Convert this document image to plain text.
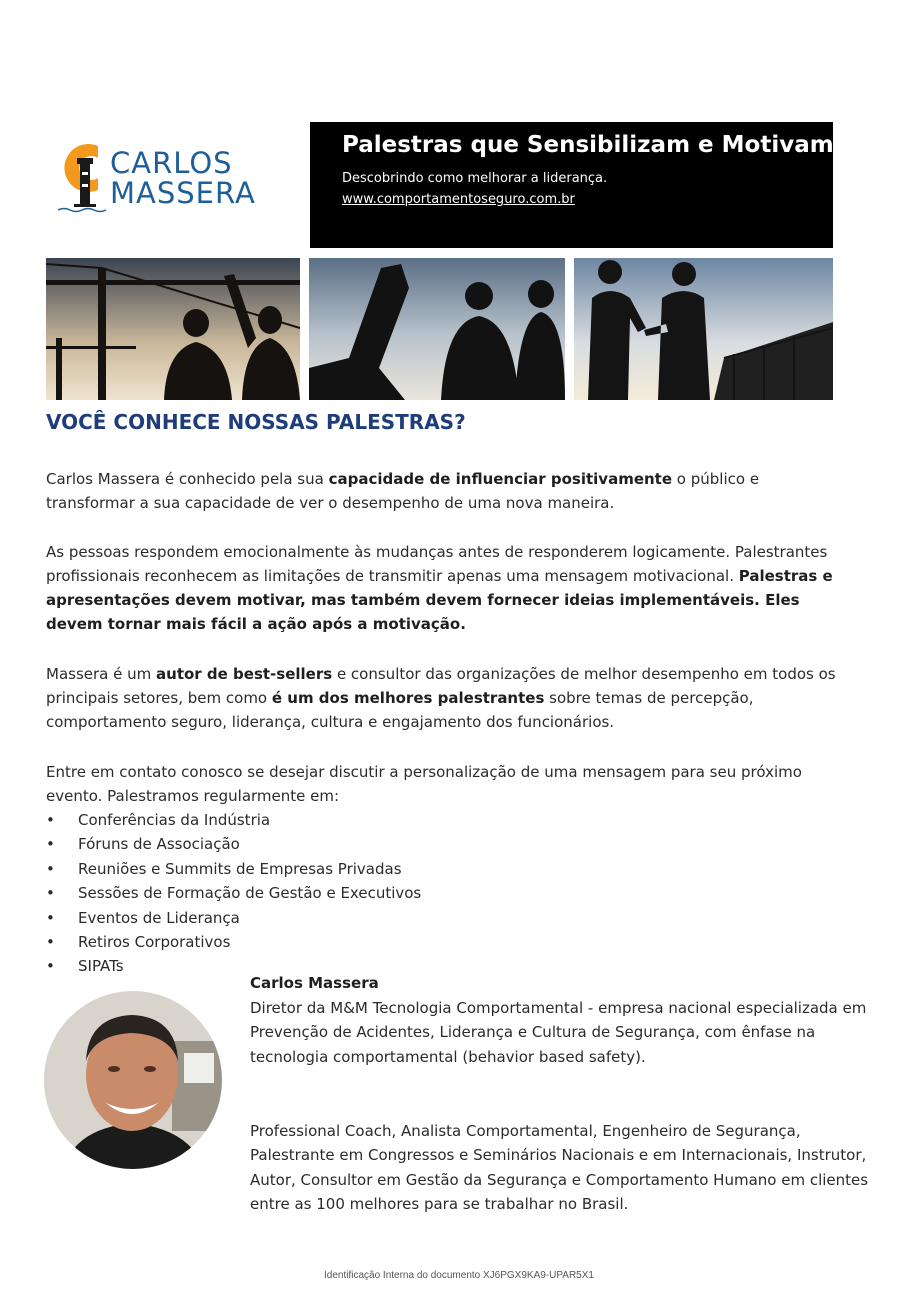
CARLOS
MASSERA
Palestras que Sensibilizam e Motivam
Descobrindo como melhorar a liderança.
www.comportamentoseguro.com.br
VOCÊ CONHECE NOSSAS PALESTRAS?
Carlos Massera é conhecido pela sua capacidade de influenciar positivamente o público e transformar a sua capacidade de ver o desempenho de uma nova maneira.
As pessoas respondem emocionalmente às mudanças antes de responderem logicamente. Palestrantes profissionais reconhecem as limitações de transmitir apenas uma mensagem motivacional. Palestras e apresentações devem motivar, mas também devem fornecer ideias implementáveis. Eles devem tornar mais fácil a ação após a motivação.
Massera é um autor de best-sellers e consultor das organizações de melhor desempenho em todos os principais setores, bem como é um dos melhores palestrantes sobre temas de percepção, comportamento seguro, liderança, cultura e engajamento dos funcionários.
Entre em contato conosco se desejar discutir a personalização de uma mensagem para seu próximo evento. Palestramos regularmente em:
• Conferências da Indústria
• Fóruns de Associação
• Reuniões e Summits de Empresas Privadas
• Sessões de Formação de Gestão e Executivos
• Eventos de Liderança
• Retiros Corporativos
• SIPATs
Carlos Massera
Diretor da M&M Tecnologia Comportamental - empresa nacional especializada em Prevenção de Acidentes, Liderança e Cultura de Segurança, com ênfase na tecnologia comportamental (behavior based safety).
Professional Coach, Analista Comportamental, Engenheiro de Segurança, Palestrante em Congressos e Seminários Nacionais e em Internacionais, Instrutor, Autor, Consultor em Gestão da Segurança e Comportamento Humano em clientes entre as 100 melhores para se trabalhar no Brasil.
Identificação Interna do documento XJ6PGX9KA9-UPAR5X1
